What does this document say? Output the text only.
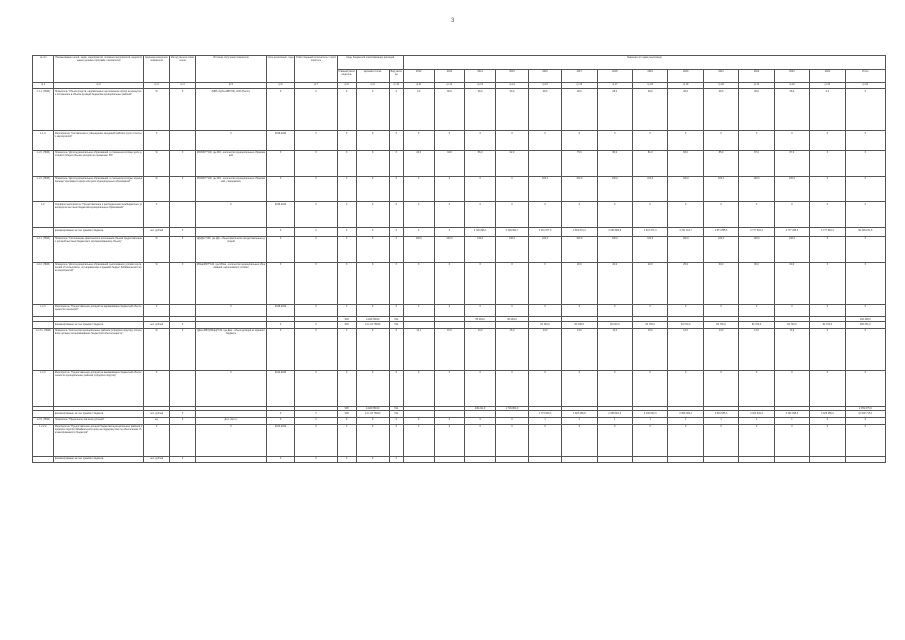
3
№ п/п	Наименование целей, задач, мероприятий, основных мероприятий, ведомственных целевых программ, показателей	Единица измерения показателя	Метод расчета показателя	Источник получения показателя	Срок реализации, годы	Ответственный исполнитель / соисполнитель	Коды бюджетной классификации расходов			Значения по годам реализации													
							Главный распорядитель	Целевая статья	Вид расхода	2012	2013	2014	2015	2016	2017	2018	2019	2020	2021	2022	2023	2024	Итого
гр.1	гр.2	гр.3	гр.4	гр.5	гр.6	гр.7	гр.8	гр.9	гр.10	гр.11	гр.12	гр.13	гр.14	гр.15	гр.16	гр.17	гр.18	гр.19	гр.20	гр.21	гр.22	гр.23	гр.24
1.1.1. (ПКМ)	Показатель "Объем средств, направленных на погашение и(или) на кредитное соглашение в объеме дотаций бюджетам муниципальных районов"	%	Х	(МБТ+Субс+МБТ/НК) х100 (Налог.)	Х	Х	Х	Х	Х	0,0	69,9	28,0	30,0	28,0	28,0	28,0	28,0	28,0	28,0	28,0	28,0	0,0	Х
1.1.4.	Мероприятие "Составление и утверждение заседаний рабочих групп отчетных мероприятий"	Х		Х	2018-2024	Х	Х	Х	Х	Х	Х	Х	Х	Х	Х	Х	Х	Х	Х	Х	Х	Х	Х
1.1.5. (ПКМ)	Показатель "Доля муниципальных образований, в отношении которых доля дотаций в общем объеме доходов не превышает 5%"	%	Х	МО/МОТ*100, где МО - количество муниципальных образований	Х	Х	Х	Х	Х	20,0	34,8	56,0	62,0		75,0	80,0	81,0	83,0	85,0	87,0	87,0	Х	Х
1.1.6. (ПКМ)	Показатель "Доля муниципальных образований, в отношении которых муниципальных программ в сфере контроля муниципальных образований"	%	Х	МО/МОТ*100, где МО - количество муниципальных образований, утвердивших	Х	Х	Х	Х	Х	Х	Х	Х	Х	100,0	100,0	100,0	100,0	100,0	100,0	100,0	100,0	Х	Х
1.2.	Основное мероприятие "Предоставление и распределение межбюджетных трансфертов местным бюджетам муниципальных образований"	Х		Х	2018-2024	Х	Х	Х	Х	Х	Х	Х	Х	Х	Х	Х	Х	Х	Х	Х	Х	Х	Х
	финансирование за счет краевого бюджета	тыс. рублей	Х		Х	Х	Х	Х	Х	Х	Х	2 720 865,1	2 349 694,7	2 331 977,0	2 519 674,4	3 469 805,8	4 547 071,4	4 701 113,7	4 871 855,5	4 777 644,4	4 777 265,3	4 777 946,3	50 399 241,5
1.2.1. (ПКМ)	Показатель "Соотношение фактического исполнения объема предоставленных дотаций местным бюджетам к запланированному объему"	%	Х	Дф/Дпл*100, где Дф - объем фактически предоставленных дотаций	Х	Х	Х	Х	Х	100,0	100,0	100,0	100,0	100,0	100,0	100,0	100,0	100,0	100,0	100,0	100,0	Х	Х
1.2.2. (ПКМ)	Показатель "Доля муниципальных образований, выполнивших условия соглашений об их выплатах, по направлению в краевой бюджет Забайкальского края мероприятий"	%	Х	МОнв/МОТ*100, где МОнв - количество муниципальных образований, выполнивших условия	Х	Х	Х	Х	Х	Х	Х	Х	Х	Х	20,0	20,0	22,0	25,0	60,0	90,0	60,0	Х	Х
1.2.3.	Мероприятие "Предоставление дотаций на выравнивание бюджетной обеспеченности поселений"	Х		Х	2018-2024	Х	Х	Х	Х	Х	Х	Х	Х	Х	Х	Х	Х	Х	Х	Х	Х	Х	Х
							905	1410178010	511			55 284,0	95 284,0										150 468,9
	финансирование за счет краевого бюджета	тыс. рублей	Х		Х	Х	905	14 1 02 78020	511					91 284,0	84 046,0	84 640,0	84 700,0	84 700,0	84 700,0	84 700,0	84 700,0	84 700,0	820 451,0
1.2.3.1. (ПКМ)	Показатель "Количество муниципальных районов (городских округов), получивших дотации на выравнивание бюджетной обеспеченности"	%	Х	(Дмо+МБТ)/(Мфн)*100, где Дмо - объем дотаций из краевого бюджета	Х	Х	Х	Х	Х	13,1	15,5	13,0	15,0	13,0	13,0	13,0	15,0	13,0	13,0	13,0	13,0	Х	Х
1.2.4.	Мероприятие "Предоставление дотаций на выравнивание бюджетной обеспеченности муниципальных районов (городских округов)"	Х		Х	2014-2024	Х	Х	Х	Х	Х	Х	Х	Х	Х	Х	Х	Х	Х	Х	Х	Х	Х	Х
							905	1410178010	511			409 211,9	1 749 864,0										2 159 075,9
	финансирование за счет краевого бюджета	тыс. рублей	Х		Х	Х	905	14 1 02 78020	511					1 773 900,3	1 823 059,8	2 358 661,3	3 136 832,3	3 356 309,2	3 501 555,3	3 324 649,3	3 331 695,3	3 325 656,0	31 500 715,1
1.2.5. (ПКМ)	Показатель "Предельное значение дотаций"	ед.	Х	Дп.1 (Ср.п.)	Х	Х	Х	Х	Х	Х	Х	Х	Х	1	1	1	1	1	1	1	1	Х	Х
1.2.2.2.	Мероприятие "Предоставление дотаций бюджетам муниципальных районов (городских округов) Забайкальского края на поддержку мер по обеспечению сбалансированности бюджетов"	Х		Х	2014-2024	Х	Х	Х	Х	Х	Х	Х	Х	Х	Х	Х	Х	Х	Х	Х	Х	Х	Х
	финансирование за счет краевого бюджета	тыс. рублей	Х		Х	Х	Х	Х	Х														
